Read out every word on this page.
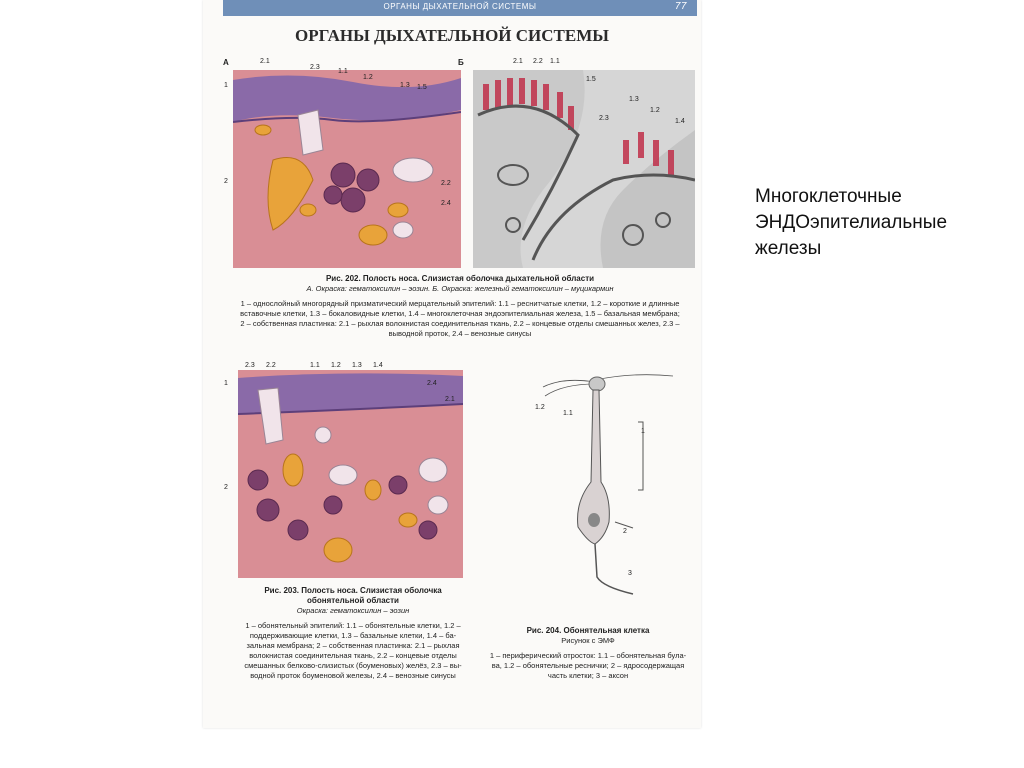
ОРГАНЫ ДЫХАТЕЛЬНОЙ СИСТЕМЫ	77
ОРГАНЫ ДЫХАТЕЛЬНОЙ СИСТЕМЫ
А
1
2
2.1
2.3
1.1
1.2
1.3 1.5
2.2
2.4
Б	2.1 2.2 1.1
1.5
2.3
1.3
1.2
1.4
Рис. 202. Полость носа. Слизистая оболочка дыхательной области
А. Окраска: гематоксилин – эозин. Б. Окраска: железный гематоксилин – муцикармин
1 – однослойный многорядный призматический мерцательный эпителий: 1.1 – реснитчатые клетки, 1.2 – короткие и длинные
вставочные клетки, 1.3 – бокаловидные клетки, 1.4 – многоклеточная эндоэпителиальная железа, 1.5 – базальная мембрана;
2 – собственная пластинка: 2.1 – рыхлая волокнистая соединительная ткань, 2.2 – концевые отделы смешанных желез, 2.3 –
выводной проток, 2.4 – венозные синусы
1
2
2.3 2.2	1.1 1.2 1.3 1.4
2.4
2.1
Рис. 203. Полость носа. Слизистая оболочка
обонятельной области
Окраска: гематоксилин – эозин
1 – обонятельный эпителий: 1.1 – обонятельные клетки, 1.2 –
поддерживающие клетки, 1.3 – базальные клетки, 1.4 – ба-
зальная мембрана; 2 – собственная пластинка: 2.1 – рыхлая
волокнистая соединительная ткань, 2.2 – концевые отделы
смешанных белково-слизистых (боуменовых) желёз, 2.3 – вы-
водной проток боуменовой железы, 2.4 – венозные синусы
1.2
1.1
1
2
3
Рис. 204. Обонятельная клетка
Рисунок с ЭМФ
1 – периферический отросток: 1.1 – обонятельная була-
ва, 1.2 – обонятельные реснички; 2 – ядросодержащая
часть клетки; 3 – аксон
Многоклеточные
ЭНДОэпителиальные
железы
